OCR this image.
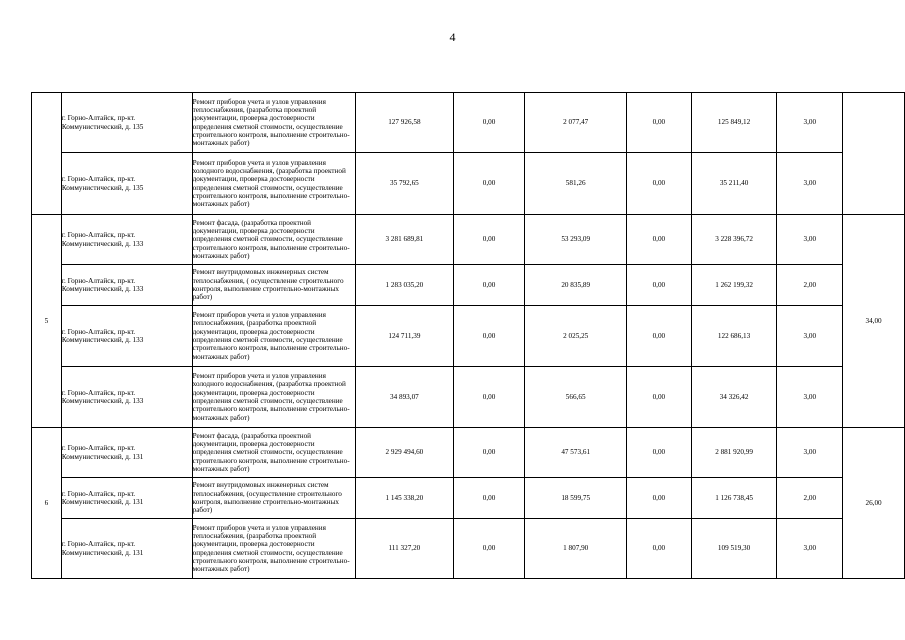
4

	г. Горно-Алтайск, пр-кт.
Коммунистический, д. 135	Ремонт приборов учета и узлов управления теплоснабжения, (разработка проектной документации, проверка достоверности определения сметной стоимости, осуществление строительного контроля, выполнение строительно-монтажных работ)	127 926,58	0,00	2 077,47	0,00	125 849,12	3,00	

	г. Горно-Алтайск, пр-кт.
Коммунистический, д. 135	Ремонт приборов учета и узлов управления холодного водоснабжения, (разработка проектной документации, проверка достоверности определения сметной стоимости, осуществление строительного контроля, выполнение строительно-монтажных работ)	35 792,65	0,00	581,26	0,00	35 211,40	3,00	
5	г. Горно-Алтайск, пр-кт.
Коммунистический, д. 133	Ремонт фасада, (разработка проектной документации, проверка достоверности определения сметной стоимости, осуществление строительного контроля, выполнение строительно-монтажных работ)	3 281 689,81	0,00	53 293,09	0,00	3 228 396,72	3,00	34,00

	г. Горно-Алтайск, пр-кт.
Коммунистический, д. 133	Ремонт внутридомовых инженерных систем теплоснабжения, ( осуществление строительного контроля, выполнение строительно-монтажных работ)	1 283 035,20	0,00	20 835,89	0,00	1 262 199,32	2,00	

	г. Горно-Алтайск, пр-кт.
Коммунистический, д. 133	Ремонт приборов учета и узлов управления теплоснабжения, (разработка проектной документации, проверка достоверности определения сметной стоимости, осуществление строительного контроля, выполнение строительно-монтажных работ)	124 711,39	0,00	2 025,25	0,00	122 686,13	3,00	

	г. Горно-Алтайск, пр-кт.
Коммунистический, д. 133	Ремонт приборов учета и узлов управления холодного водоснабжения, (разработка проектной документации, проверка достоверности определения сметной стоимости, осуществление строительного контроля, выполнение строительно-монтажных работ)	34 893,07	0,00	566,65	0,00	34 326,42	3,00	
6	г. Горно-Алтайск, пр-кт.
Коммунистический, д. 131	Ремонт фасада, (разработка проектной документации, проверка достоверности определения сметной стоимости, осуществление строительного контроля, выполнение строительно-монтажных работ)	2 929 494,60	0,00	47 573,61	0,00	2 881 920,99	3,00	26,00

	г. Горно-Алтайск, пр-кт.
Коммунистический, д. 131	Ремонт внутридомовых инженерных систем теплоснабжения, (осуществление строительного контроля, выполнение строительно-монтажных работ)	1 145 338,20	0,00	18 599,75	0,00	1 126 738,45	2,00	

	г. Горно-Алтайск, пр-кт.
Коммунистический, д. 131	Ремонт приборов учета и узлов управления теплоснабжения, (разработка проектной документации, проверка достоверности определения сметной стоимости, осуществление строительного контроля, выполнение строительно-монтажных работ)	111 327,20	0,00	1 807,90	0,00	109 519,30	3,00	
